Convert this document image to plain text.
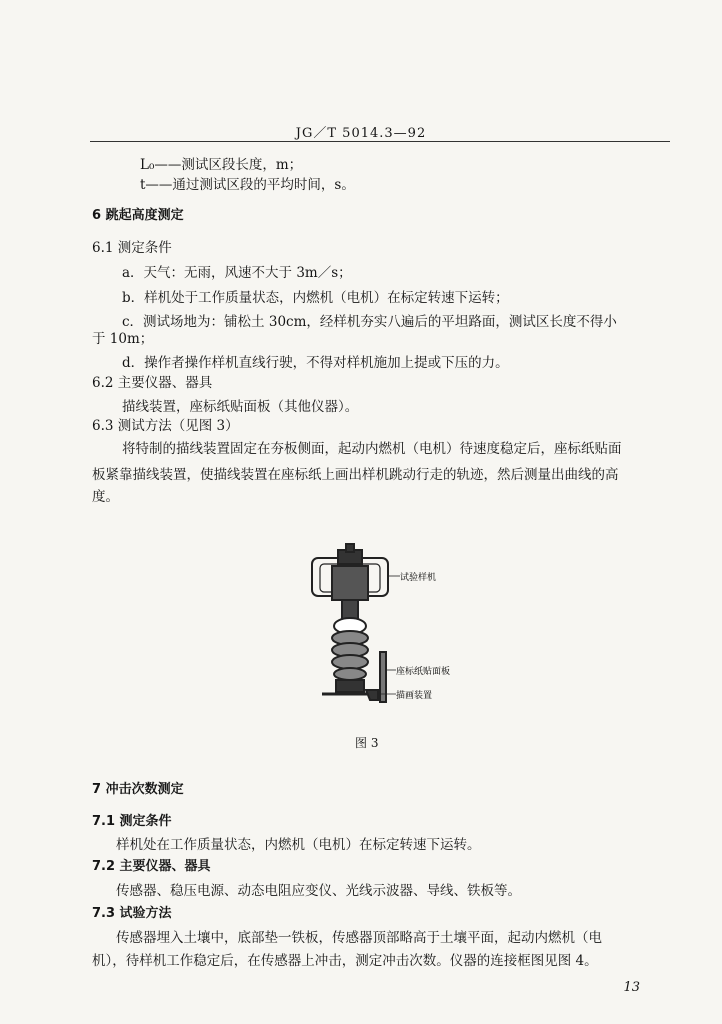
JG／T 5014.3—92
L₀——测试区段长度，m；
t——通过测试区段的平均时间，s。
6 跳起高度测定
6.1 测定条件
a．天气：无雨，风速不大于 3m／s；
b．样机处于工作质量状态，内燃机（电机）在标定转速下运转；
c．测试场地为：铺松土 30cm，经样机夯实八遍后的平坦路面，测试区长度不得小
于 10m；
d．操作者操作样机直线行驶，不得对样机施加上提或下压的力。
6.2 主要仪器、器具
描线装置，座标纸贴面板（其他仪器）。
6.3 测试方法（见图 3）
将特制的描线装置固定在夯板侧面，起动内燃机（电机）待速度稳定后，座标纸贴面
板紧靠描线装置，使描线装置在座标纸上画出样机跳动行走的轨迹，然后测量出曲线的高
度。
试验样机
座标纸贴面板
描画装置
图 3
7 冲击次数测定
7.1 测定条件
样机处在工作质量状态，内燃机（电机）在标定转速下运转。
7.2 主要仪器、器具
传感器、稳压电源、动态电阻应变仪、光线示波器、导线、铁板等。
7.3 试验方法
传感器埋入土壤中，底部垫一铁板，传感器顶部略高于土壤平面，起动内燃机（电
机），待样机工作稳定后，在传感器上冲击，测定冲击次数。仪器的连接框图见图 4。
13
